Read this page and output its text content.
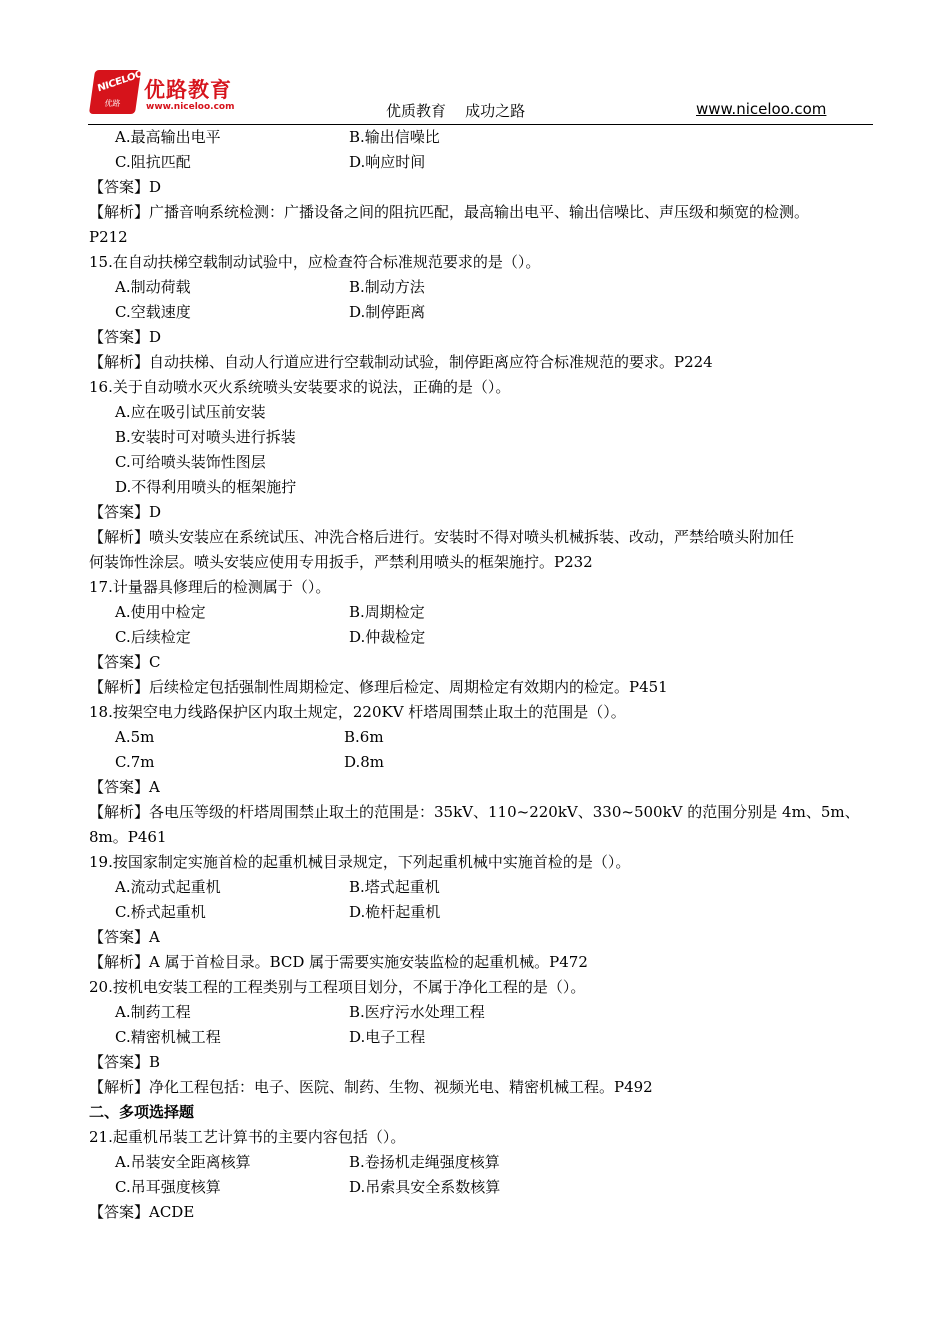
NICELOO
优路
优路教育
www.niceloo.com	优质教育    成功之路	www.niceloo.com
A.最高输出电平	B.输出信噪比
C.阻抗匹配	D.响应时间
【答案】D
【解析】广播音响系统检测：广播设备之间的阻抗匹配，最高输出电平、输出信噪比、声压级和频宽的检测。
P212
15.在自动扶梯空载制动试验中，应检查符合标准规范要求的是（）。
A.制动荷载	B.制动方法
C.空载速度	D.制停距离
【答案】D
【解析】自动扶梯、自动人行道应进行空载制动试验，制停距离应符合标准规范的要求。P224
16.关于自动喷水灭火系统喷头安装要求的说法，正确的是（）。
A.应在吸引试压前安装
B.安装时可对喷头进行拆装
C.可给喷头装饰性图层
D.不得利用喷头的框架施拧
【答案】D
【解析】喷头安装应在系统试压、冲洗合格后进行。安装时不得对喷头机械拆装、改动，严禁给喷头附加任
何装饰性涂层。喷头安装应使用专用扳手，严禁利用喷头的框架施拧。P232
17.计量器具修理后的检测属于（）。
A.使用中检定	B.周期检定
C.后续检定	D.仲裁检定
【答案】C
【解析】后续检定包括强制性周期检定、修理后检定、周期检定有效期内的检定。P451
18.按架空电力线路保护区内取土规定，220KV 杆塔周围禁止取土的范围是（）。
A.5m	B.6m
C.7m	D.8m
【答案】A
【解析】各电压等级的杆塔周围禁止取土的范围是：35kV、110~220kV、330~500kV 的范围分别是 4m、5m、
8m。P461
19.按国家制定实施首检的起重机械目录规定，下列起重机械中实施首检的是（）。
A.流动式起重机	B.塔式起重机
C.桥式起重机	D.桅杆起重机
【答案】A
【解析】A 属于首检目录。BCD 属于需要实施安装监检的起重机械。P472
20.按机电安装工程的工程类别与工程项目划分，不属于净化工程的是（）。
A.制药工程	B.医疗污水处理工程
C.精密机械工程	D.电子工程
【答案】B
【解析】净化工程包括：电子、医院、制药、生物、视频光电、精密机械工程。P492
二、多项选择题
21.起重机吊装工艺计算书的主要内容包括（）。
A.吊装安全距离核算	B.卷扬机走绳强度核算
C.吊耳强度核算	D.吊索具安全系数核算
【答案】ACDE
